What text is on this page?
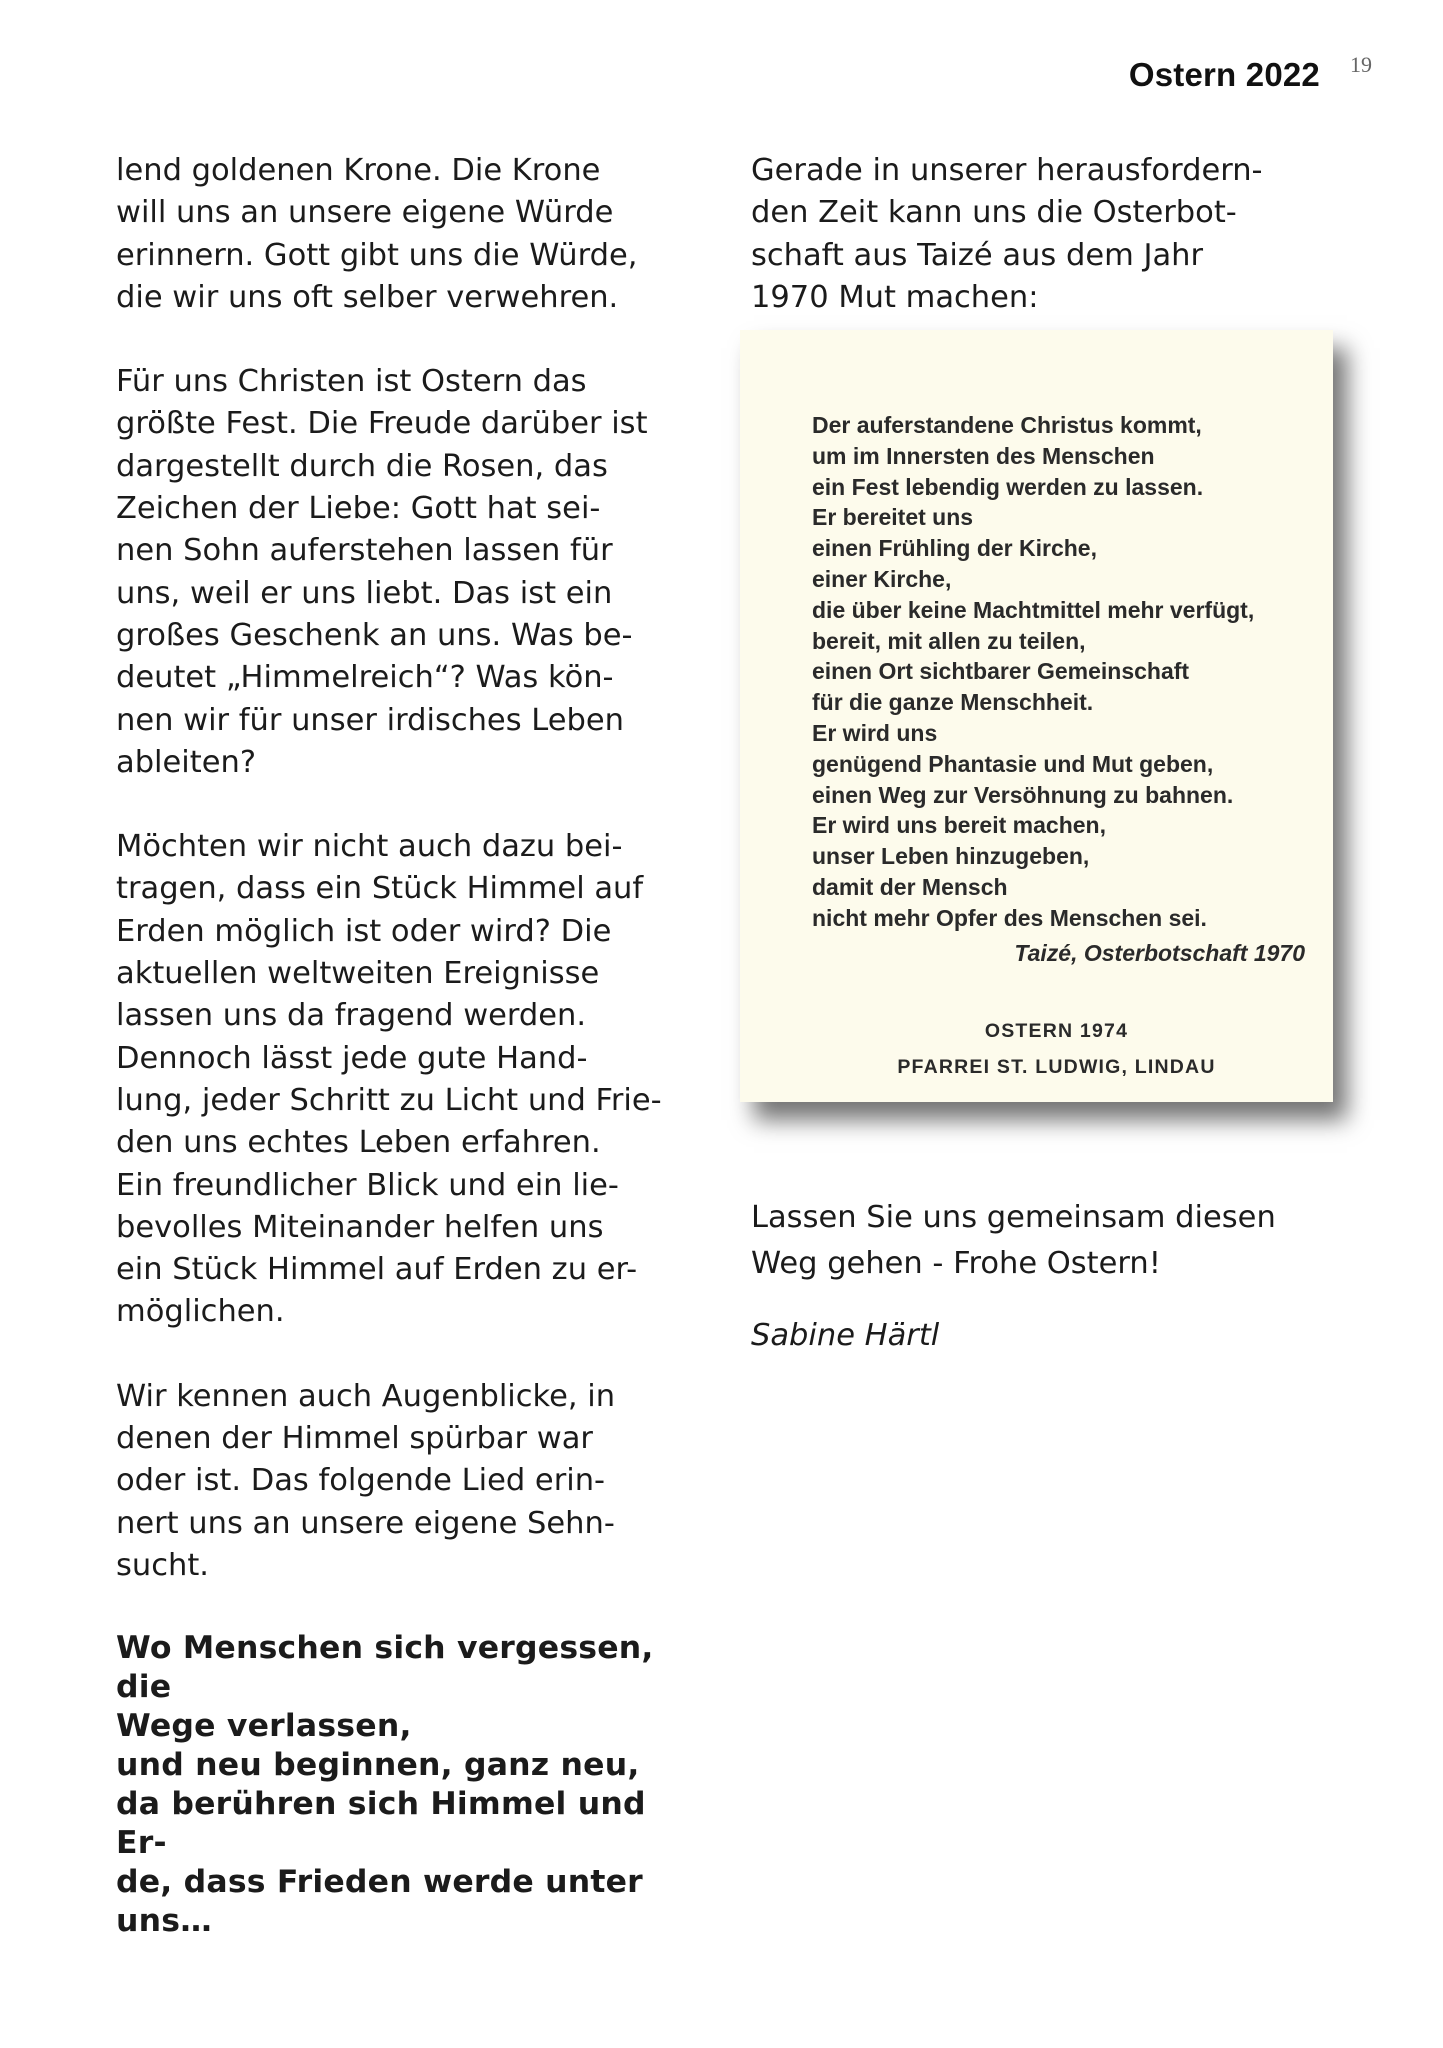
Ostern 2022 19

lend goldenen Krone. Die Krone
will uns an unsere eigene Würde
erinnern. Gott gibt uns die Würde,
die wir uns oft selber verwehren.

Für uns Christen ist Ostern das
größte Fest. Die Freude darüber ist
dargestellt durch die Rosen, das
Zeichen der Liebe: Gott hat sei-
nen Sohn auferstehen lassen für
uns, weil er uns liebt. Das ist ein
großes Geschenk an uns. Was be-
deutet „Himmelreich“? Was kön-
nen wir für unser irdisches Leben
ableiten?

Möchten wir nicht auch dazu bei-
tragen, dass ein Stück Himmel auf
Erden möglich ist oder wird? Die
aktuellen weltweiten Ereignisse
lassen uns da fragend werden.
Dennoch lässt jede gute Hand-
lung, jeder Schritt zu Licht und Frie-
den uns echtes Leben erfahren.
Ein freundlicher Blick und ein lie-
bevolles Miteinander helfen uns
ein Stück Himmel auf Erden zu er-
möglichen.

Wir kennen auch Augenblicke, in
denen der Himmel spürbar war
oder ist. Das folgende Lied erin-
nert uns an unsere eigene Sehn-
sucht.

Wo Menschen sich vergessen, die
Wege verlassen,
und neu beginnen, ganz neu,
da berühren sich Himmel und Er-
de, dass Frieden werde unter
uns…

Gerade in unserer herausfordern-
den Zeit kann uns die Osterbot-
schaft aus Taizé aus dem Jahr
1970 Mut machen:

Der auferstandene Christus kommt,
um im Innersten des Menschen
ein Fest lebendig werden zu lassen.
Er bereitet uns
einen Frühling der Kirche,
einer Kirche,
die über keine Machtmittel mehr verfügt,
bereit, mit allen zu teilen,
einen Ort sichtbarer Gemeinschaft
für die ganze Menschheit.
Er wird uns
genügend Phantasie und Mut geben,
einen Weg zur Versöhnung zu bahnen.
Er wird uns bereit machen,
unser Leben hinzugeben,
damit der Mensch
nicht mehr Opfer des Menschen sei.
Taizé, Osterbotschaft 1970
OSTERN 1974
PFARREI ST. LUDWIG, LINDAU
Lassen Sie uns gemeinsam diesen
Weg gehen - Frohe Ostern!
Sabine Härtl
